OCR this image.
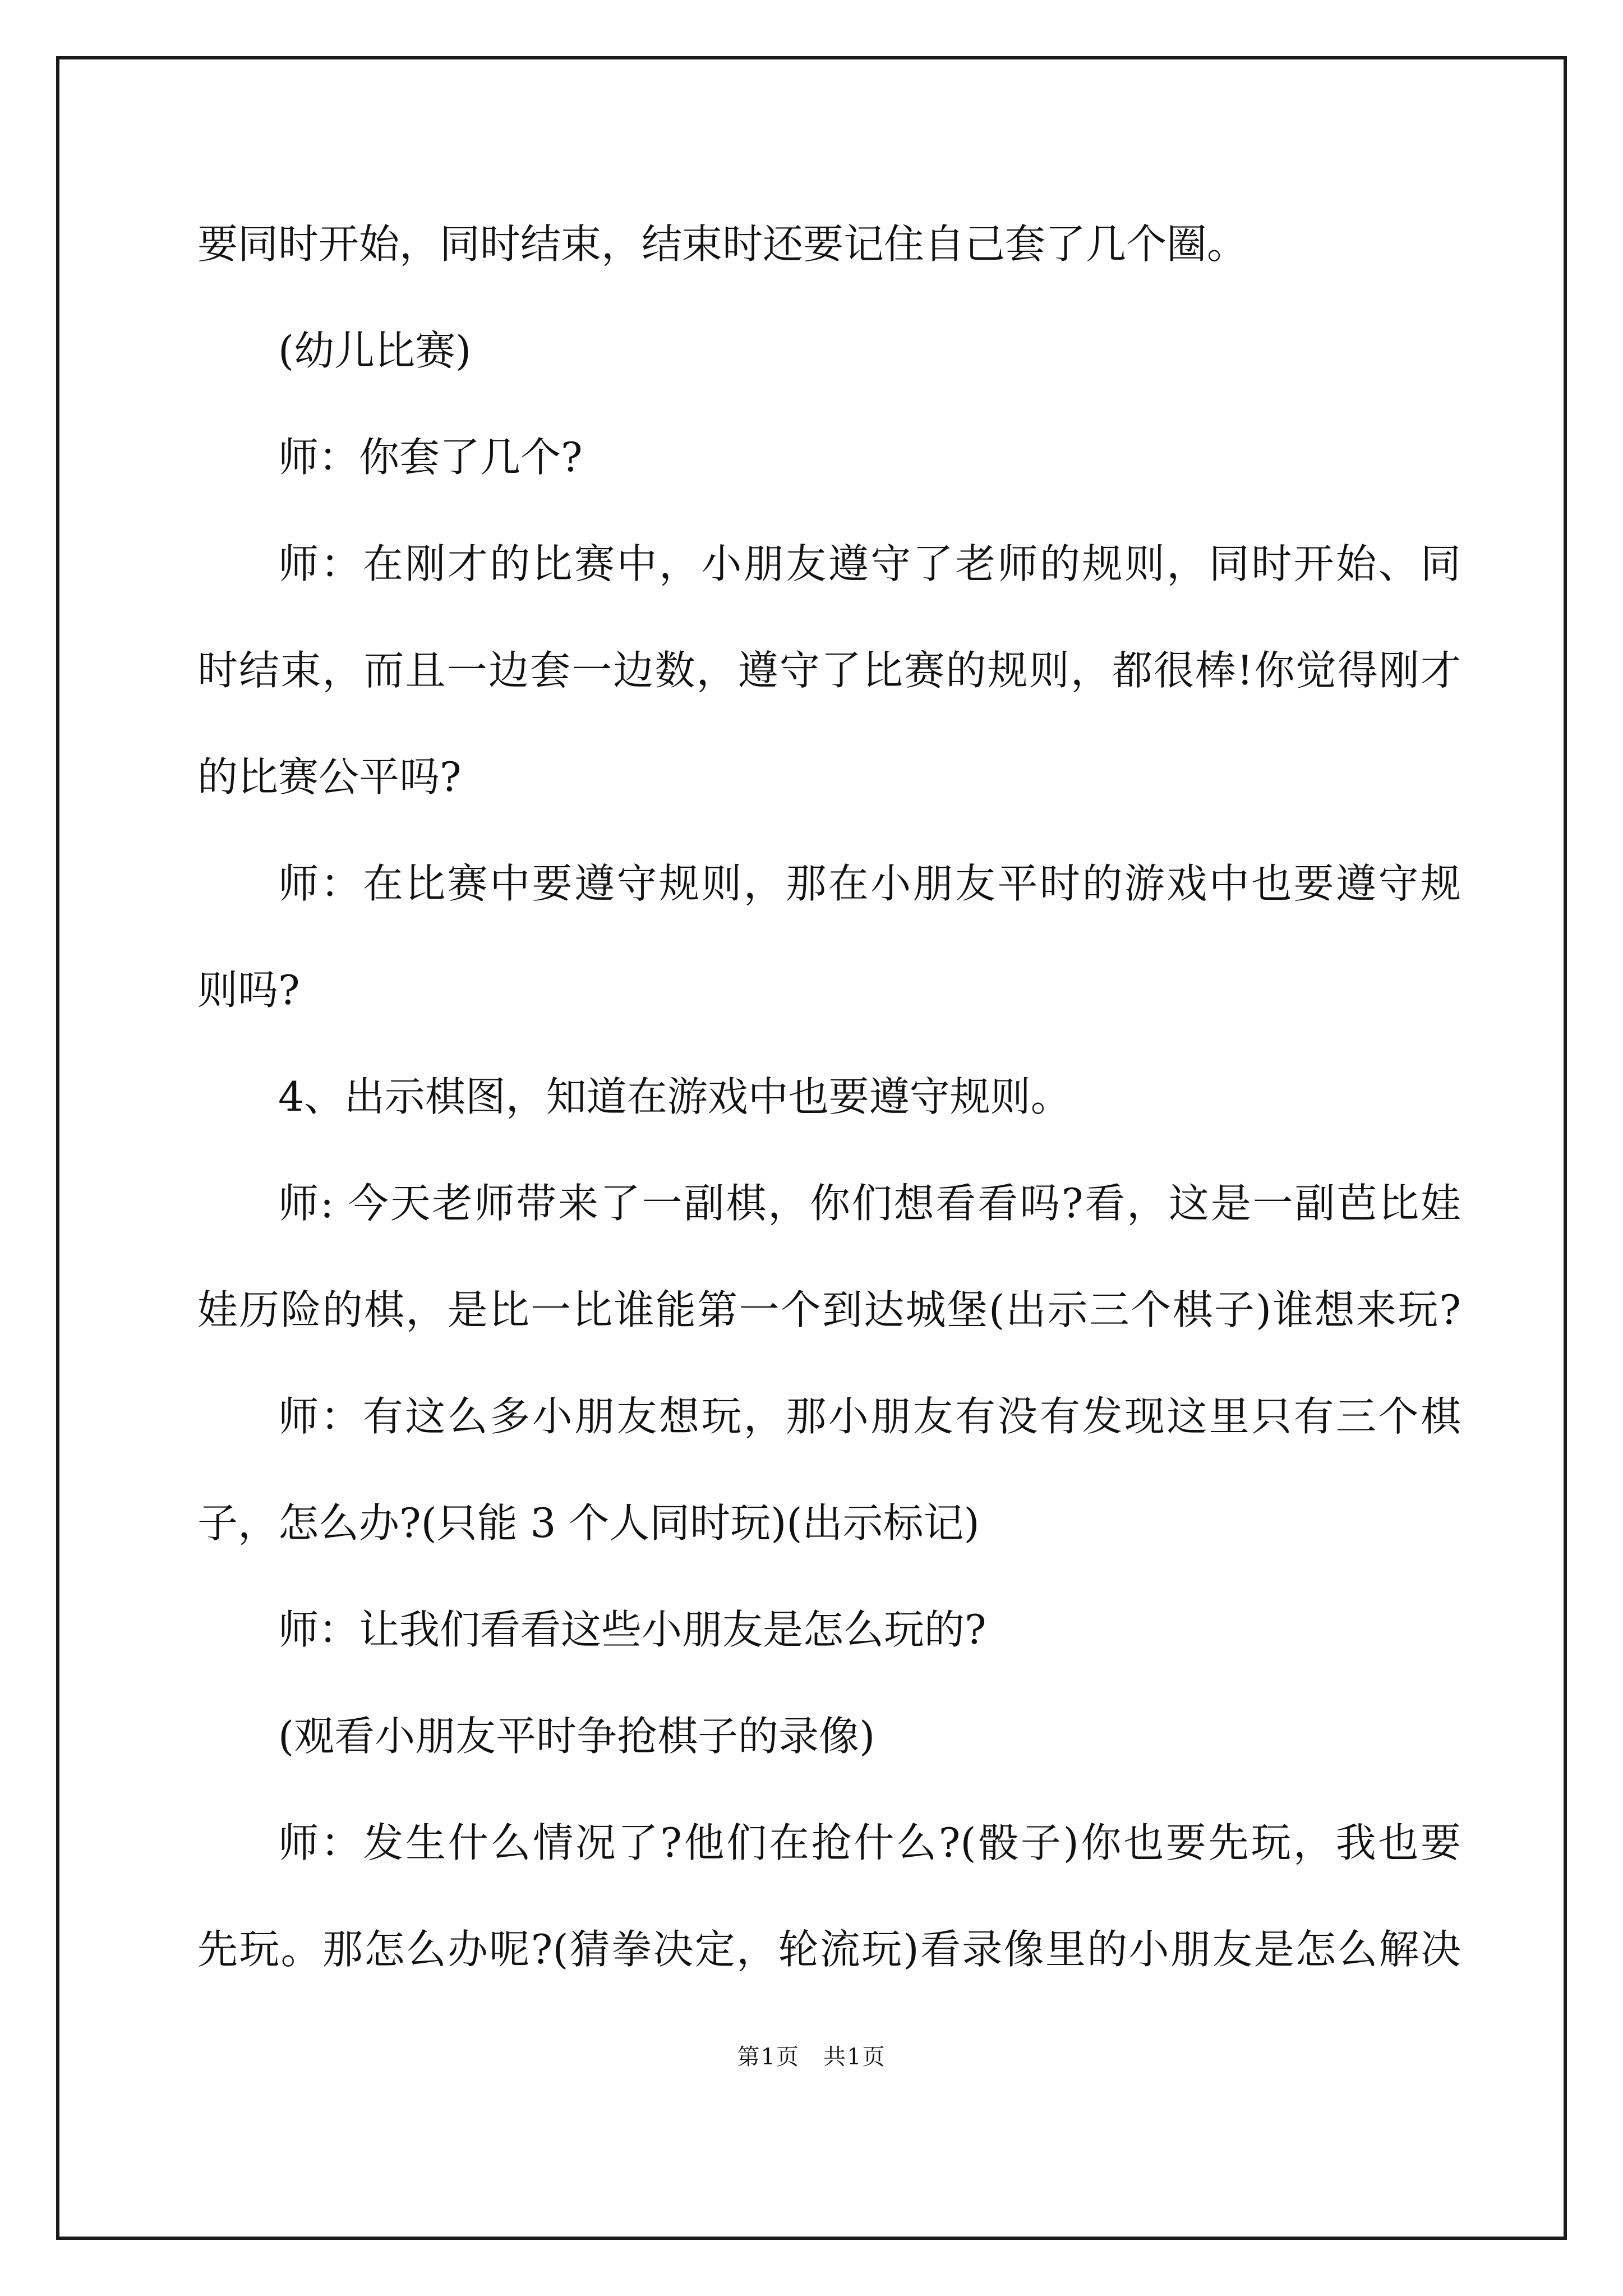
要同时开始，同时结束，结束时还要记住自己套了几个圈。
(幼儿比赛)
师：你套了几个?
师：在刚才的比赛中，小朋友遵守了老师的规则，同时开始、同
时结束，而且一边套一边数，遵守了比赛的规则，都很棒!你觉得刚才
的比赛公平吗?
师：在比赛中要遵守规则，那在小朋友平时的游戏中也要遵守规
则吗?
4、出示棋图，知道在游戏中也要遵守规则。
师: 今天老师带来了一副棋，你们想看看吗?看，这是一副芭比娃
娃历险的棋，是比一比谁能第一个到达城堡(出示三个棋子)谁想来玩?
师：有这么多小朋友想玩，那小朋友有没有发现这里只有三个棋
子，怎么办?(只能 3 个人同时玩)(出示标记)
师：让我们看看这些小朋友是怎么玩的?
(观看小朋友平时争抢棋子的录像)
师：发生什么情况了?他们在抢什么?(骰子)你也要先玩，我也要
先玩。那怎么办呢?(猜拳决定，轮流玩)看录像里的小朋友是怎么解决
第1页　共1页
